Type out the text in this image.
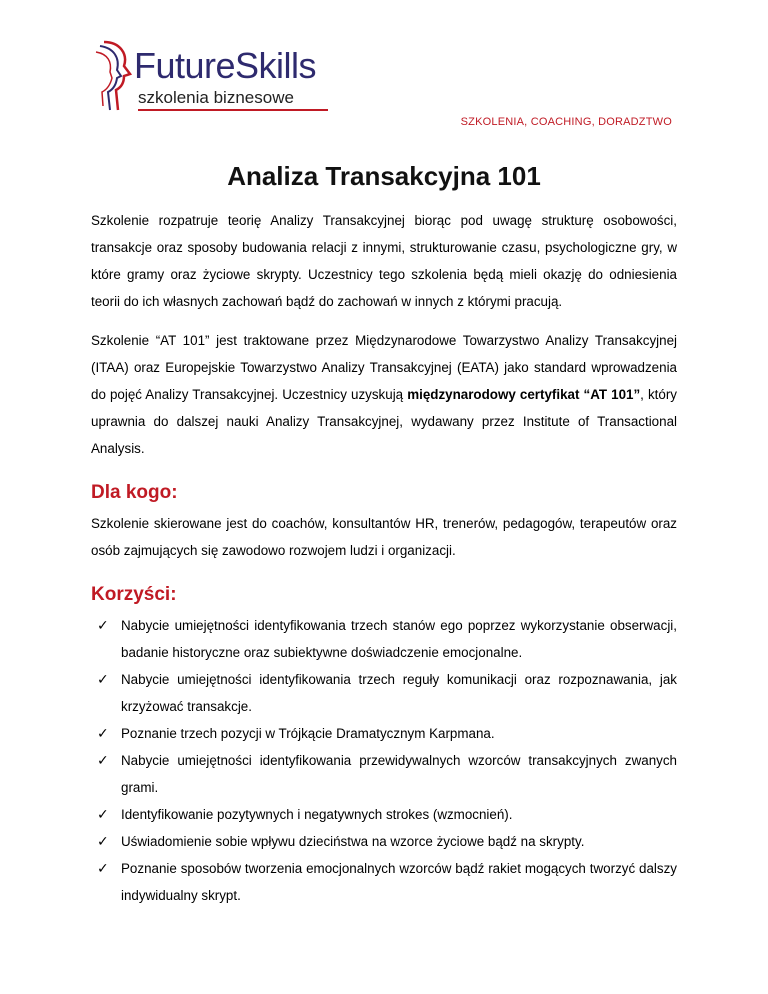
FutureSkills
szkolenia biznesowe
SZKOLENIA, COACHING, DORADZTWO
Analiza Transakcyjna 101

Szkolenie rozpatruje teorię Analizy Transakcyjnej biorąc pod uwagę strukturę osobowości, transakcje oraz sposoby budowania relacji z innymi, strukturowanie czasu, psychologiczne gry, w które gramy oraz życiowe skrypty. Uczestnicy tego szkolenia będą mieli okazję do odniesienia teorii do ich własnych zachowań bądź do zachowań w innych z którymi pracują.

Szkolenie “AT 101” jest traktowane przez Międzynarodowe Towarzystwo Analizy Transakcyjnej (ITAA) oraz Europejskie Towarzystwo Analizy Transakcyjnej (EATA) jako standard wprowadzenia do pojęć Analizy Transakcyjnej. Uczestnicy uzyskują międzynarodowy certyfikat “AT 101”, który uprawnia do dalszej nauki Analizy Transakcyjnej, wydawany przez Institute of Transactional Analysis.

Dla kogo:

Szkolenie skierowane jest do coachów, konsultantów HR, trenerów, pedagogów, terapeutów oraz osób zajmujących się zawodowo rozwojem ludzi i organizacji.

Korzyści:
✓ Nabycie umiejętności identyfikowania trzech stanów ego poprzez wykorzystanie obserwacji, badanie historyczne oraz subiektywne doświadczenie emocjonalne.
✓ Nabycie umiejętności identyfikowania trzech reguły komunikacji oraz rozpoznawania, jak krzyżować transakcje.
✓ Poznanie trzech pozycji w Trójkącie Dramatycznym Karpmana.
✓ Nabycie umiejętności identyfikowania przewidywalnych wzorców transakcyjnych zwanych grami.
✓ Identyfikowanie pozytywnych i negatywnych strokes (wzmocnień).
✓ Uświadomienie sobie wpływu dzieciństwa na wzorce życiowe bądź na skrypty.
✓ Poznanie sposobów tworzenia emocjonalnych wzorców bądź rakiet mogących tworzyć dalszy indywidualny skrypt.
